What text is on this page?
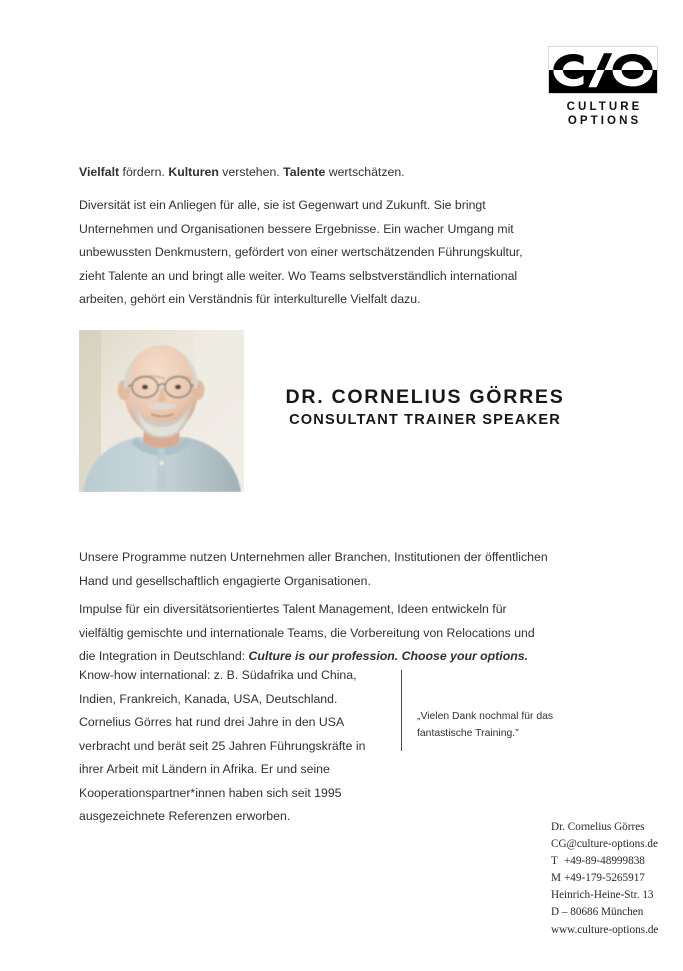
CULTURE
OPTIONS

Vielfalt fördern. Kulturen verstehen. Talente wertschätzen.

Diversität ist ein Anliegen für alle, sie ist Gegenwart und Zukunft. Sie bringt Unternehmen und Organisationen bessere Ergebnisse. Ein wacher Umgang mit unbewussten Denkmustern, gefördert von einer wertschätzenden Führungskultur, zieht Talente an und bringt alle weiter. Wo Teams selbstverständlich international arbeiten, gehört ein Verständnis für interkulturelle Vielfalt dazu.

DR. CORNELIUS GÖRRES
CONSULTANT TRAINER SPEAKER

Unsere Programme nutzen Unternehmen aller Branchen, Institutionen der öffentlichen Hand und gesellschaftlich engagierte Organisationen.

Impulse für ein diversitätsorientiertes Talent Management, Ideen entwickeln für vielfältig gemischte und internationale Teams, die Vorbereitung von Relocations und die Integration in Deutschland: Culture is our profession. Choose your options.

Know-how international: z. B. Südafrika und China, Indien, Frankreich, Kanada, USA, Deutschland. Cornelius Görres hat rund drei Jahre in den USA verbracht und berät seit 25 Jahren Führungskräfte in ihrer Arbeit mit Ländern in Afrika. Er und seine Kooperationspartner*innen haben sich seit 1995 ausgezeichnete Referenzen erworben.

„Vielen Dank nochmal für das fantastische Training.”

Dr. Cornelius Görres
CG@culture-options.de
T +49-89-48999838
M +49-179-5265917
Heinrich-Heine-Str. 13
D – 80686 München
www.culture-options.de
